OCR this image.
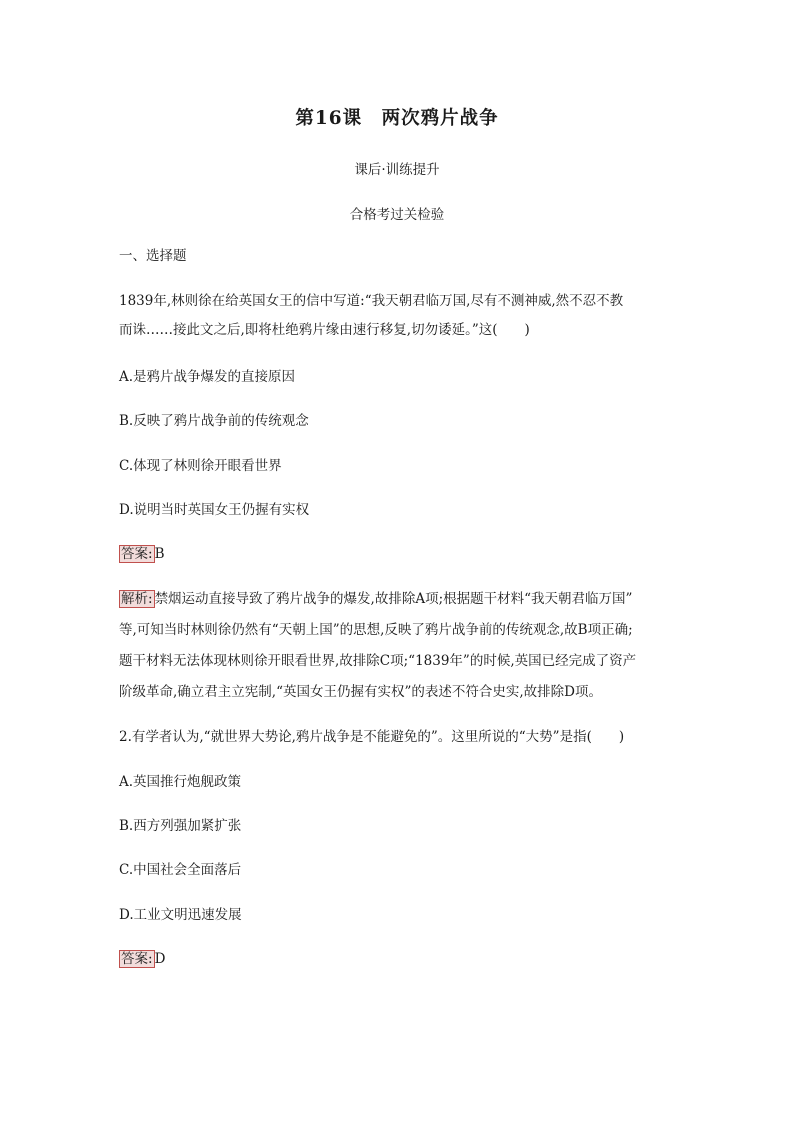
第16课　两次鸦片战争
课后·训练提升
合格考过关检验
一、选择题
1839年,林则徐在给英国女王的信中写道:“我天朝君临万国,尽有不测神威,然不忍不教
而诛……接此文之后,即将杜绝鸦片缘由速行移复,切勿诿延。”这(　　)
A.是鸦片战争爆发的直接原因
B.反映了鸦片战争前的传统观念
C.体现了林则徐开眼看世界
D.说明当时英国女王仍握有实权
答案: B
解析: 禁烟运动直接导致了鸦片战争的爆发,故排除A项;根据题干材料“我天朝君临万国”
等,可知当时林则徐仍然有“天朝上国”的思想,反映了鸦片战争前的传统观念,故B项正确;
题干材料无法体现林则徐开眼看世界,故排除C项;“1839年”的时候,英国已经完成了资产
阶级革命,确立君主立宪制,“英国女王仍握有实权”的表述不符合史实,故排除D项。
2.有学者认为,“就世界大势论,鸦片战争是不能避免的”。这里所说的“大势”是指(　　)
A.英国推行炮舰政策
B.西方列强加紧扩张
C.中国社会全面落后
D.工业文明迅速发展
答案: D
